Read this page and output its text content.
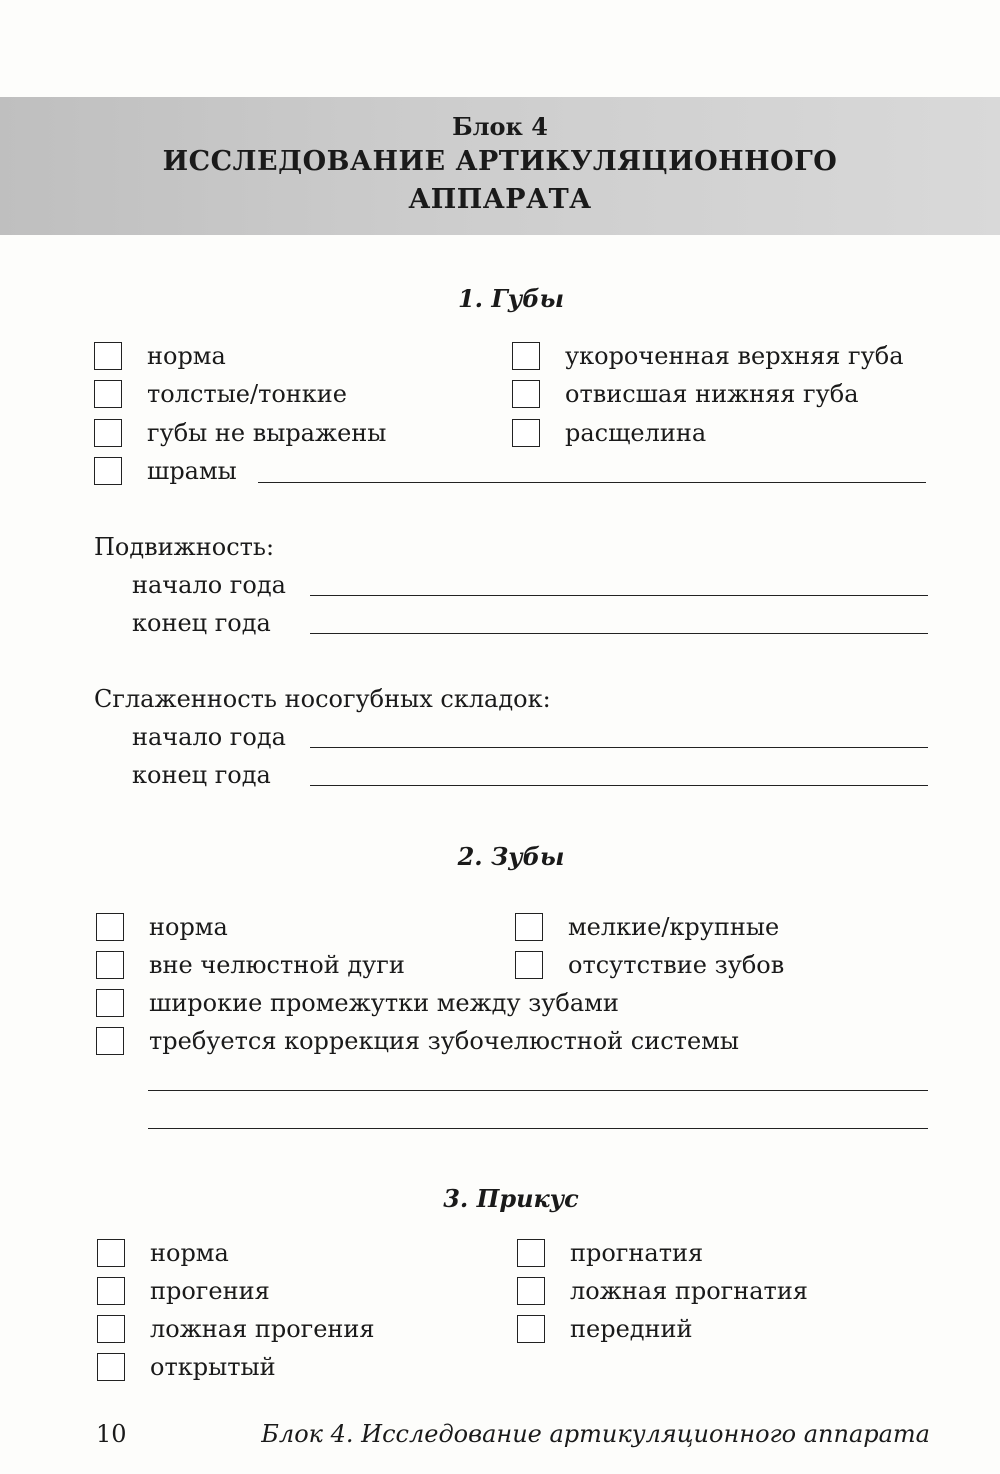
Блок 4
ИССЛЕДОВАНИЕ АРТИКУЛЯЦИОННОГО
АППАРАТА
1. Губы
норма
толстые/тонкие
губы не выражены
шрамы
укороченная верхняя губа
отвисшая нижняя губа
расщелина
Подвижность:
начало года
конец года
Сглаженность носогубных складок:
начало года
конец года
2. Зубы
норма
вне челюстной дуги
мелкие/крупные
отсутствие зубов
широкие промежутки между зубами
требуется коррекция зубочелюстной системы
3. Прикус
норма
прогения
ложная прогения
открытый
прогнатия
ложная прогнатия
передний
10	Блок 4. Исследование артикуляционного аппарата
